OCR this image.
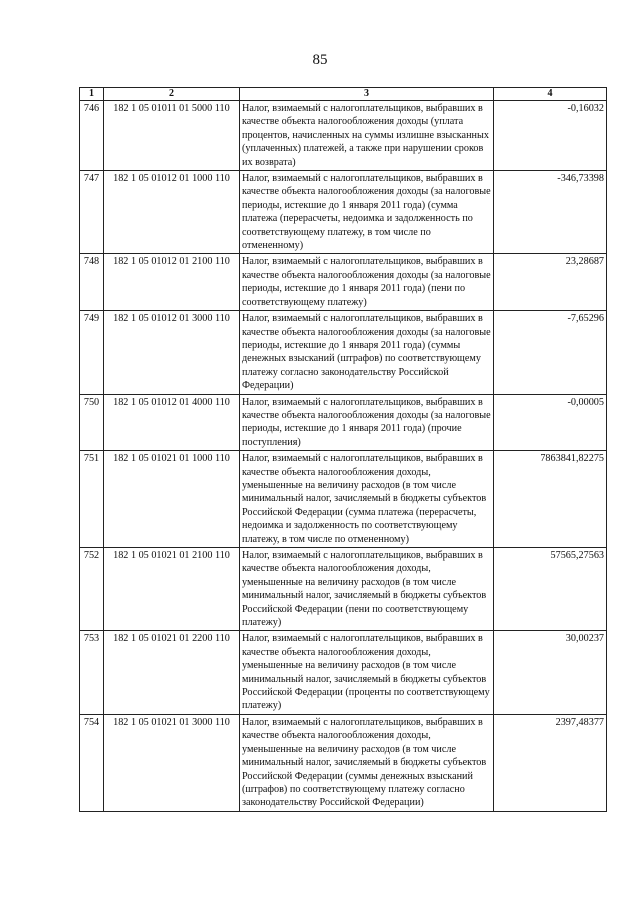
85
1	2	3	4
746	182 1 05 01011 01 5000 110	Налог, взимаемый с налогоплательщиков, выбравших в качестве объекта налогообложения доходы (уплата процентов, начисленных на суммы излишне взысканных (уплаченных) платежей, а также при нарушении сроков их возврата)	-0,16032
747	182 1 05 01012 01 1000 110	Налог, взимаемый с налогоплательщиков, выбравших в качестве объекта налогообложения доходы (за налоговые периоды, истекшие до 1 января 2011 года) (сумма платежа (перерасчеты, недоимка и задолженность по соответствующему платежу, в том числе по отмененному)	-346,73398
748	182 1 05 01012 01 2100 110	Налог, взимаемый с налогоплательщиков, выбравших в качестве объекта налогообложения доходы (за налоговые периоды, истекшие до 1 января 2011 года) (пени по соответствующему платежу)	23,28687
749	182 1 05 01012 01 3000 110	Налог, взимаемый с налогоплательщиков, выбравших в качестве объекта налогообложения доходы (за налоговые периоды, истекшие до 1 января 2011 года) (суммы денежных взысканий (штрафов) по соответствующему платежу согласно законодательству Российской Федерации)	-7,65296
750	182 1 05 01012 01 4000 110	Налог, взимаемый с налогоплательщиков, выбравших в качестве объекта налогообложения доходы (за налоговые периоды, истекшие до 1 января 2011 года) (прочие поступления)	-0,00005
751	182 1 05 01021 01 1000 110	Налог, взимаемый с налогоплательщиков, выбравших в качестве объекта налогообложения доходы, уменьшенные на величину расходов (в том числе минимальный налог, зачисляемый в бюджеты субъектов Российской Федерации (сумма платежа (перерасчеты, недоимка и задолженность по соответствующему платежу, в том числе по отмененному)	7863841,82275
752	182 1 05 01021 01 2100 110	Налог, взимаемый с налогоплательщиков, выбравших в качестве объекта налогообложения доходы, уменьшенные на величину расходов (в том числе минимальный налог, зачисляемый в бюджеты субъектов Российской Федерации (пени по соответствующему платежу)	57565,27563
753	182 1 05 01021 01 2200 110	Налог, взимаемый с налогоплательщиков, выбравших в качестве объекта налогообложения доходы, уменьшенные на величину расходов (в том числе минимальный налог, зачисляемый в бюджеты субъектов Российской Федерации (проценты по соответствующему платежу)	30,00237
754	182 1 05 01021 01 3000 110	Налог, взимаемый с налогоплательщиков, выбравших в качестве объекта налогообложения доходы, уменьшенные на величину расходов (в том числе минимальный налог, зачисляемый в бюджеты субъектов Российской Федерации (суммы денежных взысканий (штрафов) по соответствующему платежу согласно законодательству Российской Федерации)	2397,48377
